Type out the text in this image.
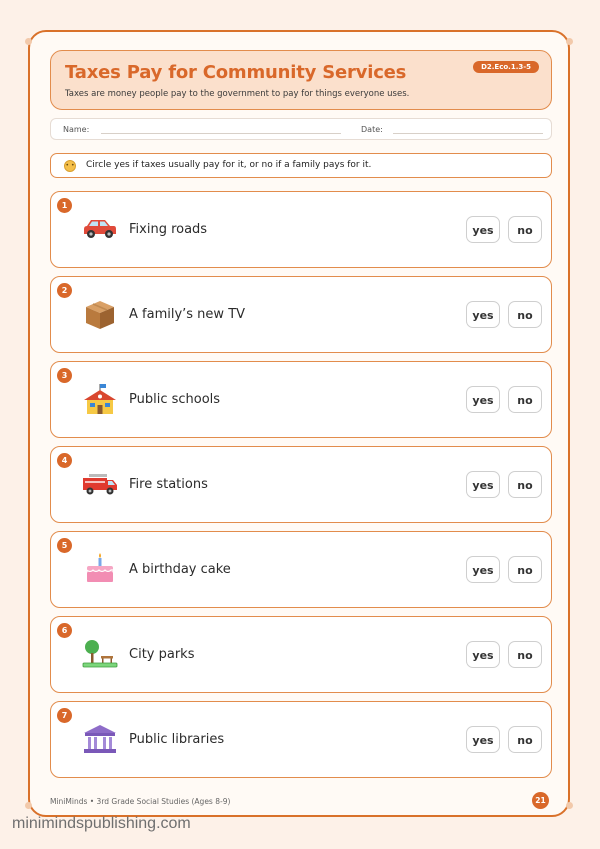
Taxes Pay for Community Services
Taxes are money people pay to the government to pay for things everyone uses.
D2.Eco.1.3-5
Name:	Date:
• • Circle yes if taxes usually pay for it, or no if a family pays for it.
1
Fixing roads	yes	no
2
A family’s new TV	yes	no
3
Public schools	yes	no
4
Fire stations	yes	no
5
A birthday cake	yes	no
6
City parks	yes	no
7
Public libraries	yes	no
MiniMinds • 3rd Grade Social Studies (Ages 8-9)	21
minimindspublishing.com
